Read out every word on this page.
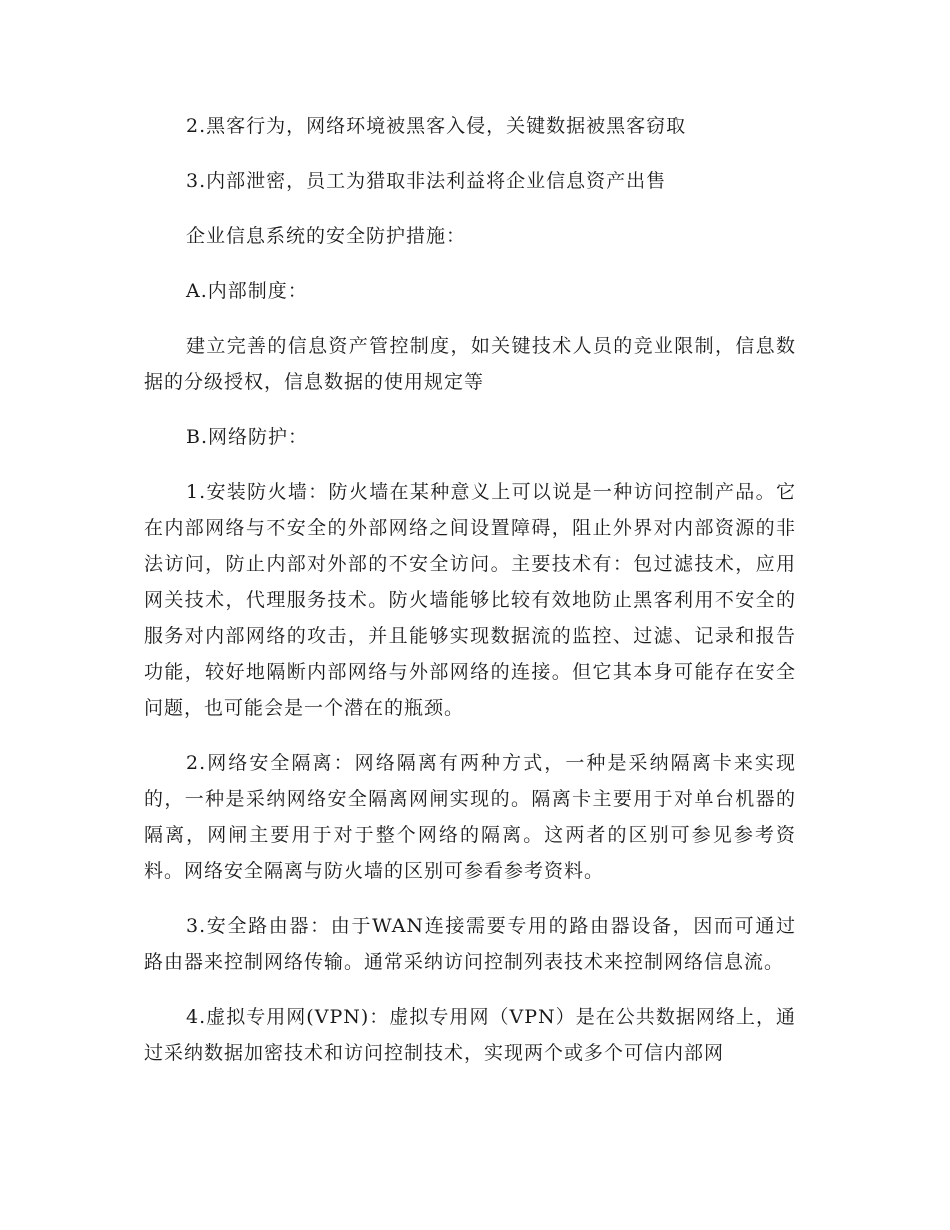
2.黑客行为，网络环境被黑客入侵，关键数据被黑客窃取

3.内部泄密，员工为猎取非法利益将企业信息资产出售

企业信息系统的安全防护措施：

A.内部制度：

建立完善的信息资产管控制度，如关键技术人员的竞业限制，信息数据的分级授权，信息数据的使用规定等

B.网络防护：

1.安装防火墙：防火墙在某种意义上可以说是一种访问控制产品。它在内部网络与不安全的外部网络之间设置障碍，阻止外界对内部资源的非法访问，防止内部对外部的不安全访问。主要技术有：包过滤技术，应用网关技术，代理服务技术。防火墙能够比较有效地防止黑客利用不安全的服务对内部网络的攻击，并且能够实现数据流的监控、过滤、记录和报告功能，较好地隔断内部网络与外部网络的连接。但它其本身可能存在安全问题，也可能会是一个潜在的瓶颈。

2.网络安全隔离：网络隔离有两种方式，一种是采纳隔离卡来实现的，一种是采纳网络安全隔离网闸实现的。隔离卡主要用于对单台机器的隔离，网闸主要用于对于整个网络的隔离。这两者的区别可参见参考资料。网络安全隔离与防火墙的区别可参看参考资料。

3.安全路由器：由于WAN连接需要专用的路由器设备，因而可通过路由器来控制网络传输。通常采纳访问控制列表技术来控制网络信息流。

4.虚拟专用网(VPN)：虚拟专用网（VPN）是在公共数据网络上，通过采纳数据加密技术和访问控制技术，实现两个或多个可信内部网
